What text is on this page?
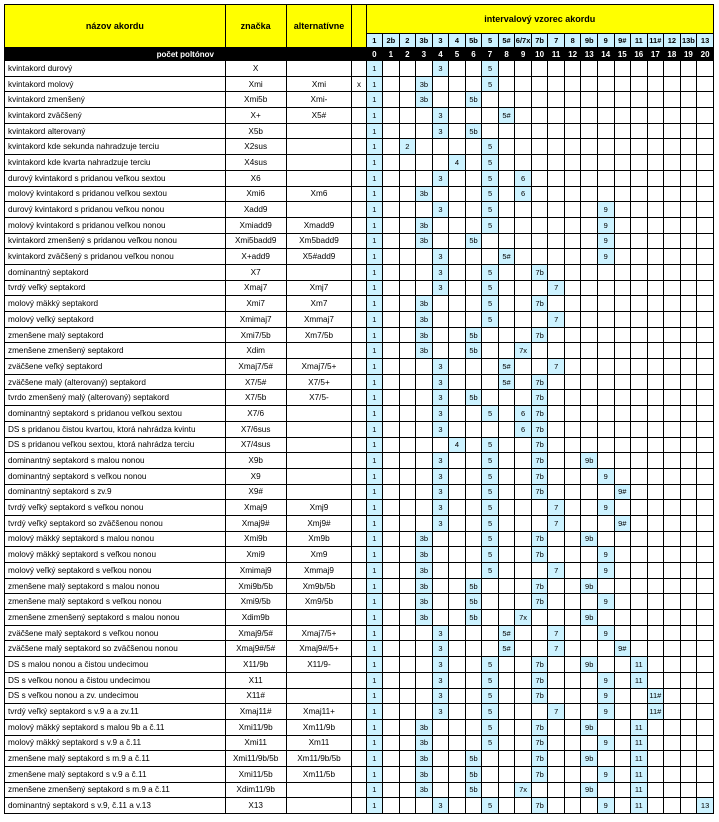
názov akordu	značka	alternatívne		intervalový vzorec akordu																				
				1	2b	2	3b	3	4	5b	5	5#	6/7x	7b	7	8	9b	9	9#	11	11#	12	13b	13
počet poltónov				0	1	2	3	4	5	6	7	8	9	10	11	12	13	14	15	16	17	18	19	20
kvintakord durový	X			1				3			5													
kvintakord molový	Xmi	Xmi	x	1			3b				5													
kvintakord zmenšený	Xmi5b	Xmi-		1			3b			5b														
kvintakord zväčšený	X+	X5#		1				3				5#												
kvintakord alterovaný	X5b			1				3		5b														
kvintakord kde sekunda nahradzuje terciu	X2sus			1		2					5													
kvintakord kde kvarta nahradzuje terciu	X4sus			1					4		5													
durový kvintakord s pridanou veľkou sextou	X6			1				3			5		6											
molový kvintakord s pridanou veľkou sextou	Xmi6	Xm6		1			3b				5		6											
durový kvintakord s pridanou veľkou nonou	Xadd9			1				3			5							9						
molový kvintakord s pridanou veľkou nonou	Xmiadd9	Xmadd9		1			3b				5							9						
kvintakord zmenšený s pridanou veľkou nonou	Xmi5badd9	Xm5badd9		1			3b			5b								9						
kvintakord zväčšený s pridanou veľkou nonou	X+add9	X5#add9		1				3				5#						9						
dominantný septakord	X7			1				3			5			7b										
tvrdý veľký septakord	Xmaj7	Xmj7		1				3			5				7									
molový mäkký septakord	Xmi7	Xm7		1			3b				5			7b										
molový veľký septakord	Xmimaj7	Xmmaj7		1			3b				5				7									
zmenšene malý septakord	Xmi7/5b	Xm7/5b		1			3b			5b				7b										
zmenšene zmenšený septakord	Xdim			1			3b			5b			7x											
zväčšene veľký septakord	Xmaj7/5#	Xmaj7/5+		1				3				5#			7									
zväčšene malý (alterovaný) septakord	X7/5#	X7/5+		1				3				5#		7b										
tvrdo zmenšený malý (alterovaný) septakord	X7/5b	X7/5-		1				3		5b				7b										
dominantný septakord s pridanou veľkou sextou	X7/6			1				3			5		6	7b										
DS s pridanou čistou kvartou, ktorá nahrádza kvintu	X7/6sus			1				3					6	7b										
DS s pridanou veľkou sextou, ktorá nahrádza terciu	X7/4sus			1					4		5			7b										
dominantný septakord s malou nonou	X9b			1				3			5			7b			9b							
dominantný septakord s veľkou nonou	X9			1				3			5			7b				9						
dominantný septakord s zv.9	X9#			1				3			5			7b					9#					
tvrdý veľký septakord s veľkou nonou	Xmaj9	Xmj9		1				3			5				7			9						
tvrdý veľký septakord so zväčšenou nonou	Xmaj9#	Xmj9#		1				3			5				7				9#					
molový mäkký septakord s malou nonou	Xmi9b	Xm9b		1			3b				5			7b			9b							
molový mäkký septakord s veľkou nonou	Xmi9	Xm9		1			3b				5			7b				9						
molový veľký septakord s veľkou nonou	Xmimaj9	Xmmaj9		1			3b				5				7			9						
zmenšene malý septakord s malou nonou	Xmi9b/5b	Xm9b/5b		1			3b			5b				7b			9b							
zmenšene malý septakord s veľkou nonou	Xmi9/5b	Xm9/5b		1			3b			5b				7b				9						
zmenšene zmenšený septakord s malou nonou	Xdim9b			1			3b			5b			7x				9b							
zväčšene malý septakord s veľkou nonou	Xmaj9/5#	Xmaj7/5+		1				3				5#			7			9						
zväčšene malý septakord so zväčšenou nonou	Xmaj9#/5#	Xmaj9#/5+		1				3				5#			7				9#					
DS s malou nonou a čistou undecimou	X11/9b	X11/9-		1				3			5			7b			9b			11				
DS s veľkou nonou a čistou undecimou	X11			1				3			5			7b				9		11				
DS s veľkou nonou a zv. undecimou	X11#			1				3			5			7b				9			11#			
tvrdý veľký septakord s v.9 a a zv.11	Xmaj11#	Xmaj11+		1				3			5				7			9			11#			
molový mäkký septakord s malou 9b a č.11	Xmi11/9b	Xm11/9b		1			3b				5			7b			9b			11				
molový mäkký septakord s v.9 a č.11	Xmi11	Xm11		1			3b				5			7b				9		11				
zmenšene malý septakord s m.9 a č.11	Xmi11/9b/5b	Xm11/9b/5b		1			3b			5b				7b			9b			11				
zmenšene malý septakord s v.9 a č.11	Xmi11/5b	Xm11/5b		1			3b			5b				7b				9		11				
zmenšene zmenšený septakord s m.9 a č.11	Xdim11/9b			1			3b			5b			7x				9b			11				
dominantný septakord s v.9, č.11 a v.13	X13			1				3			5			7b				9		11				13
